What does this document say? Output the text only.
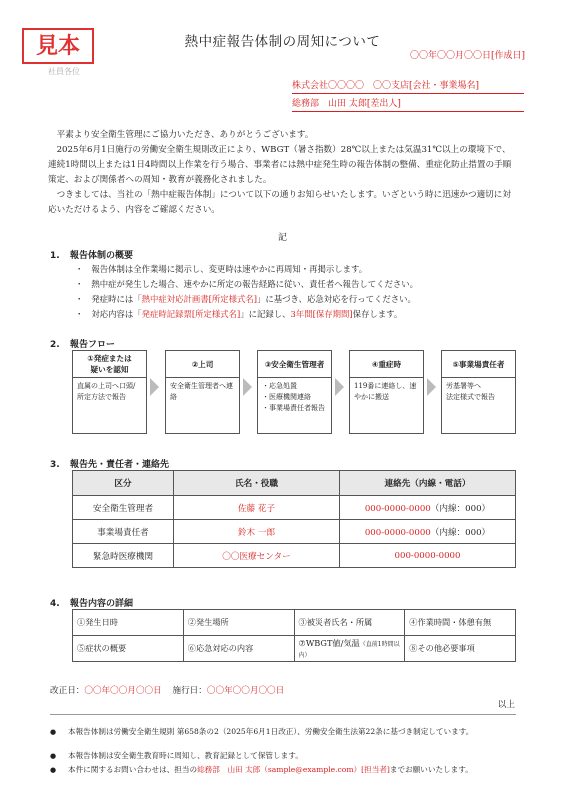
見本
社員各位
熱中症報告体制の周知について
〇〇年〇〇月〇〇日[作成日]
株式会社〇〇〇〇　〇〇支店[会社・事業場名]
総務部　山田 太郎[差出人]
平素より安全衛生管理にご協力いただき、ありがとうございます。
2025年6月1日施行の労働安全衛生規則改正により、WBGT（暑さ指数）28℃以上または気温31℃以上の環境下で、連続1時間以上または1日4時間以上作業を行う場合、事業者には熱中症発生時の報告体制の整備、重症化防止措置の手順策定、および関係者への周知・教育が義務化されました。
つきましては、当社の「熱中症報告体制」について以下の通りお知らせいたします。いざという時に迅速かつ適切に対応いただけるよう、内容をご確認ください。
記
1. 報告体制の概要
・ 報告体制は全作業場に掲示し、変更時は速やかに再周知・再掲示します。
・ 熱中症が発生した場合、速やかに所定の報告経路に従い、責任者へ報告してください。
・ 発症時には「熱中症対応計画書[所定様式名]」に基づき、応急対応を行ってください。
・ 対応内容は「発症時記録票[所定様式名]」に記録し、3年間[保存期間]保存します。
2. 報告フロー
①発症または
疑いを認知
直属の上司へ口頭/所定方法で報告
②上司
安全衛生管理者へ連絡
③安全衛生管理者
・応急処置
・医療機関連絡
・事業場責任者報告
④重症時
119番に連絡し、速やかに搬送
⑤事業場責任者
労基署等へ
法定様式で報告
3. 報告先・責任者・連絡先
区分	氏名・役職	連絡先（内線・電話）
安全衛生管理者	佐藤 花子	000-0000-0000（内線：000）
事業場責任者	鈴木 一郎	000-0000-0000（内線：000）
緊急時医療機関	〇〇医療センター	000-0000-0000
4. 報告内容の詳細
①発生日時	②発生場所	③被災者氏名・所属	④作業時間・体憩有無
⑤症状の概要	⑥応急対応の内容	⑦WBGT値/気温（直前1時間以内）	⑧その他必要事項
改正日：〇〇年〇〇月〇〇日 施行日：〇〇年〇〇月〇〇日
以上
● 本報告体制は労働安全衛生規則 第658条の2（2025年6月1日改正）、労働安全衛生法第22条に基づき制定しています。
● 本報告体制は安全衛生教育時に周知し、教育記録として保管します。
● 本件に関するお問い合わせは、担当の総務部　山田 太郎（sample@example.com）[担当者]までお願いいたします。
